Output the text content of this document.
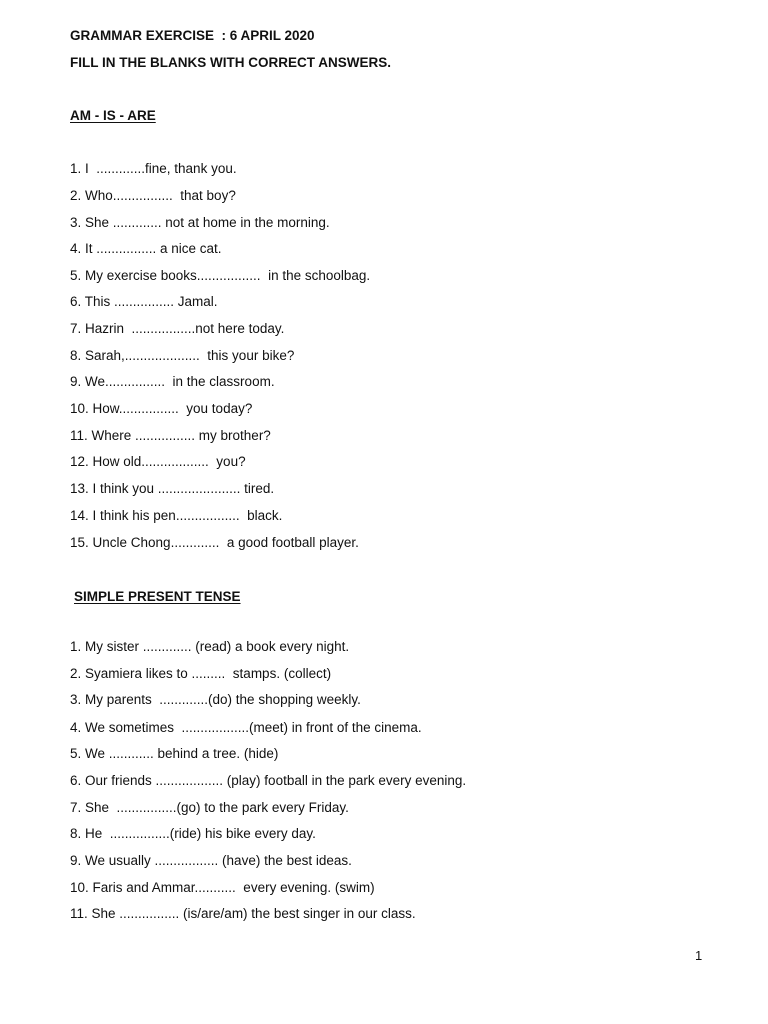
GRAMMAR EXERCISE  : 6 APRIL 2020
FILL IN THE BLANKS WITH CORRECT ANSWERS.
AM - IS - ARE
1. I  .............fine, thank you.
2. Who................  that boy?
3. She ............. not at home in the morning.
4. It ................ a nice cat.
5. My exercise books.................  in the schoolbag.
6. This ................ Jamal.
7. Hazrin  .................not here today.
8. Sarah,....................  this your bike?
9. We................  in the classroom.
10. How................  you today?
11. Where ................ my brother?
12. How old..................  you?
13. I think you ...................... tired.
14. I think his pen.................  black.
15. Uncle Chong.............  a good football player.
SIMPLE PRESENT TENSE
1. My sister ............. (read) a book every night.
2. Syamiera likes to .........  stamps. (collect)
3. My parents  .............(do) the shopping weekly.
4. We sometimes  ..................(meet) in front of the cinema.
5. We ............ behind a tree. (hide)
6. Our friends .................. (play) football in the park every evening.
7. She  ................(go) to the park every Friday.
8. He  ................(ride) his bike every day.
9. We usually ................. (have) the best ideas.
10. Faris and Ammar...........  every evening. (swim)
11. She ................ (is/are/am) the best singer in our class.
1
